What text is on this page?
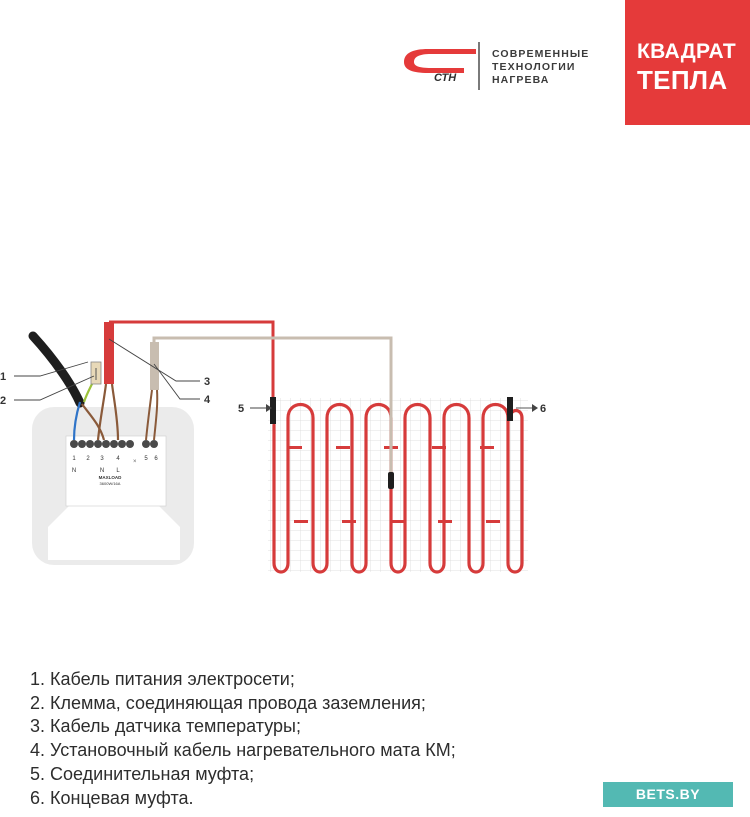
СТН
СОВРЕМЕННЫЕ
ТЕХНОЛОГИИ
НАГРЕВА
КВАДРАТ
ТЕПЛА
1 2 3 4	5 6
N	N L
MAXLOAD
3600W/16A
×
1
2
3
4
5	6
1. Кабель питания электросети;
2. Клемма, соединяющая провода заземления;
3. Кабель датчика температуры;
4. Установочный кабель нагревательного мата КМ;
5. Соединительная муфта;
6. Концевая муфта.	BETS.BY
